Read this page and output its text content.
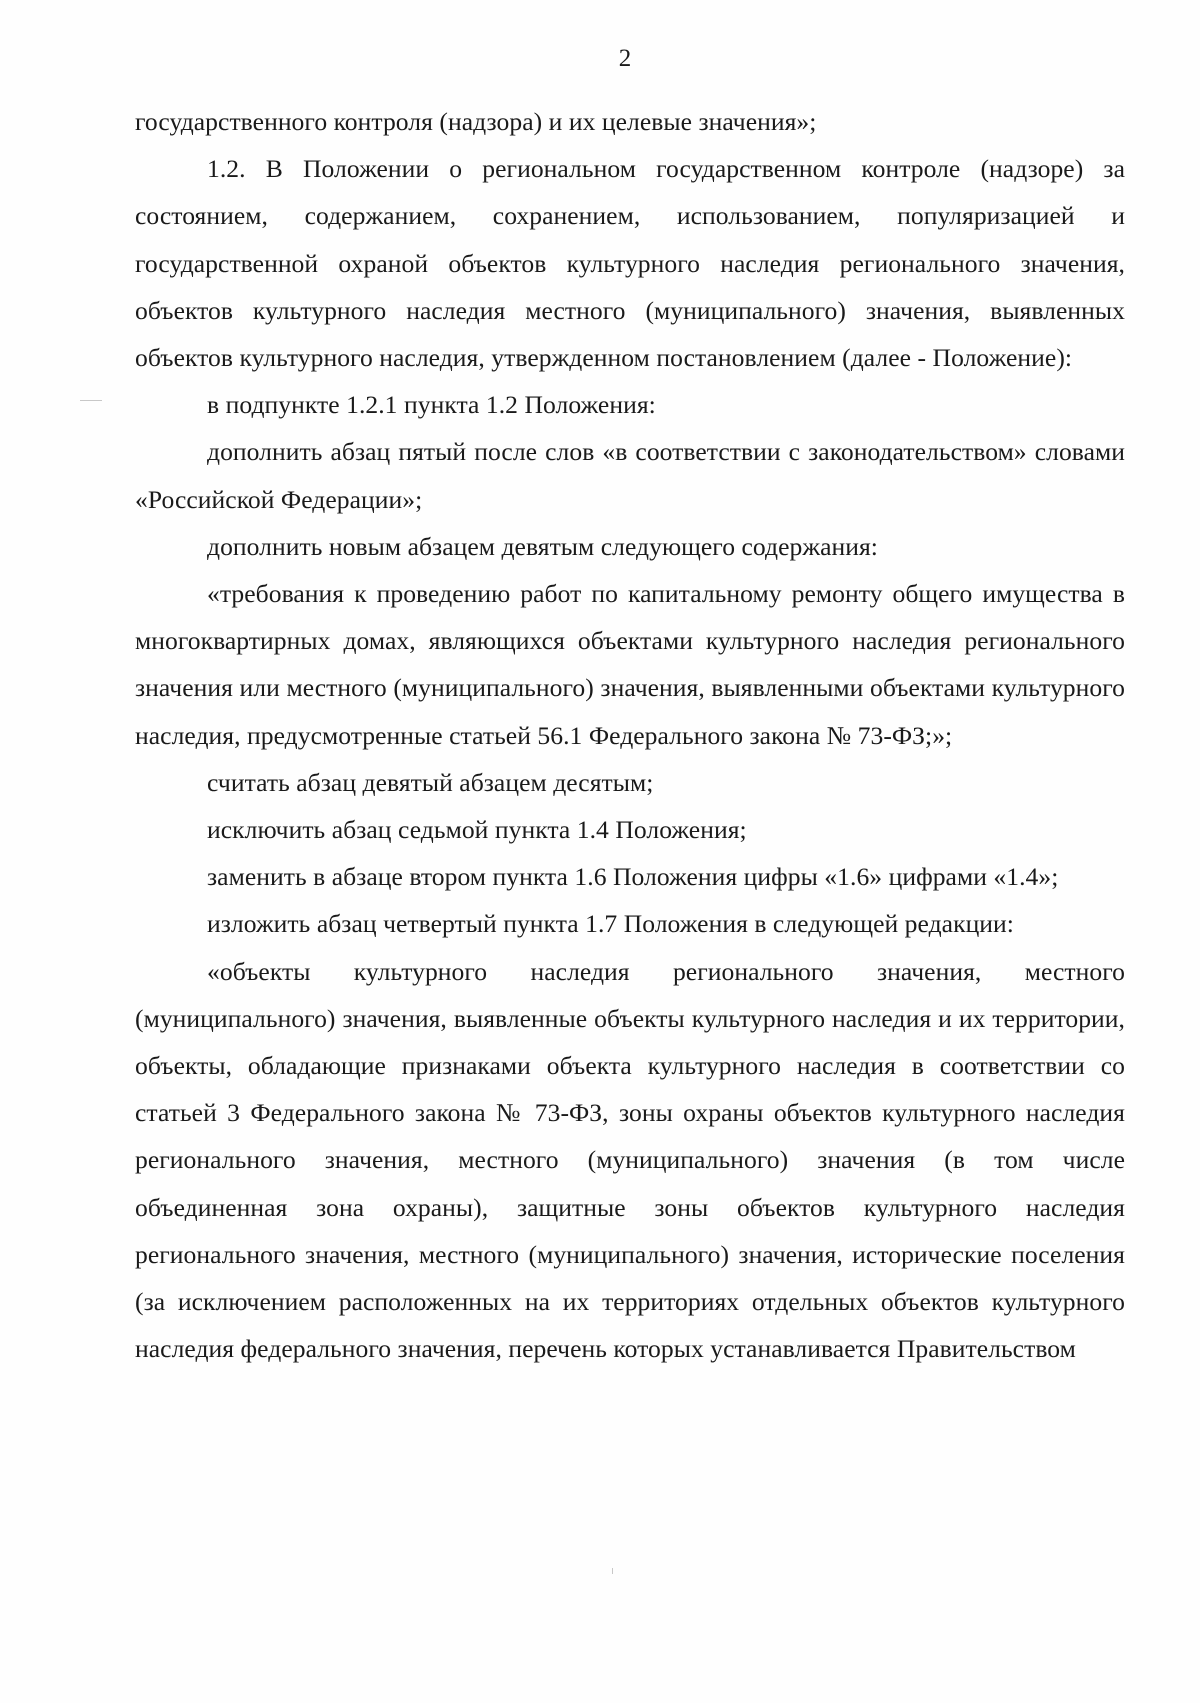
2

государственного контроля (надзора) и их целевые значения»;

1.2. В Положении о региональном государственном контроле (надзоре) за состоянием, содержанием, сохранением, использованием, популяризацией и государственной охраной объектов культурного наследия регионального значения, объектов культурного наследия местного (муниципального) значения, выявленных объектов культурного наследия, утвержденном постановлением (далее - Положение):

в подпункте 1.2.1 пункта 1.2 Положения:

дополнить абзац пятый после слов «в соответствии с законодательством» словами «Российской Федерации»;

дополнить новым абзацем девятым следующего содержания:

«требования к проведению работ по капитальному ремонту общего имущества в многоквартирных домах, являющихся объектами культурного наследия регионального значения или местного (муниципального) значения, выявленными объектами культурного наследия, предусмотренные статьей 56.1 Федерального закона № 73-ФЗ;»;

считать абзац девятый абзацем десятым;

исключить абзац седьмой пункта 1.4 Положения;

заменить в абзаце втором пункта 1.6 Положения цифры «1.6» цифрами «1.4»;

изложить абзац четвертый пункта 1.7 Положения в следующей редакции:

«объекты культурного наследия регионального значения, местного (муниципального) значения, выявленные объекты культурного наследия и их территории, объекты, обладающие признаками объекта культурного наследия в соответствии со статьей 3 Федерального закона № 73-ФЗ, зоны охраны объектов культурного наследия регионального значения, местного (муниципального) значения (в том числе объединенная зона охраны), защитные зоны объектов культурного наследия регионального значения, местного (муниципального) значения, исторические поселения (за исключением расположенных на их территориях отдельных объектов культурного наследия федерального значения, перечень которых устанавливается Правительством
